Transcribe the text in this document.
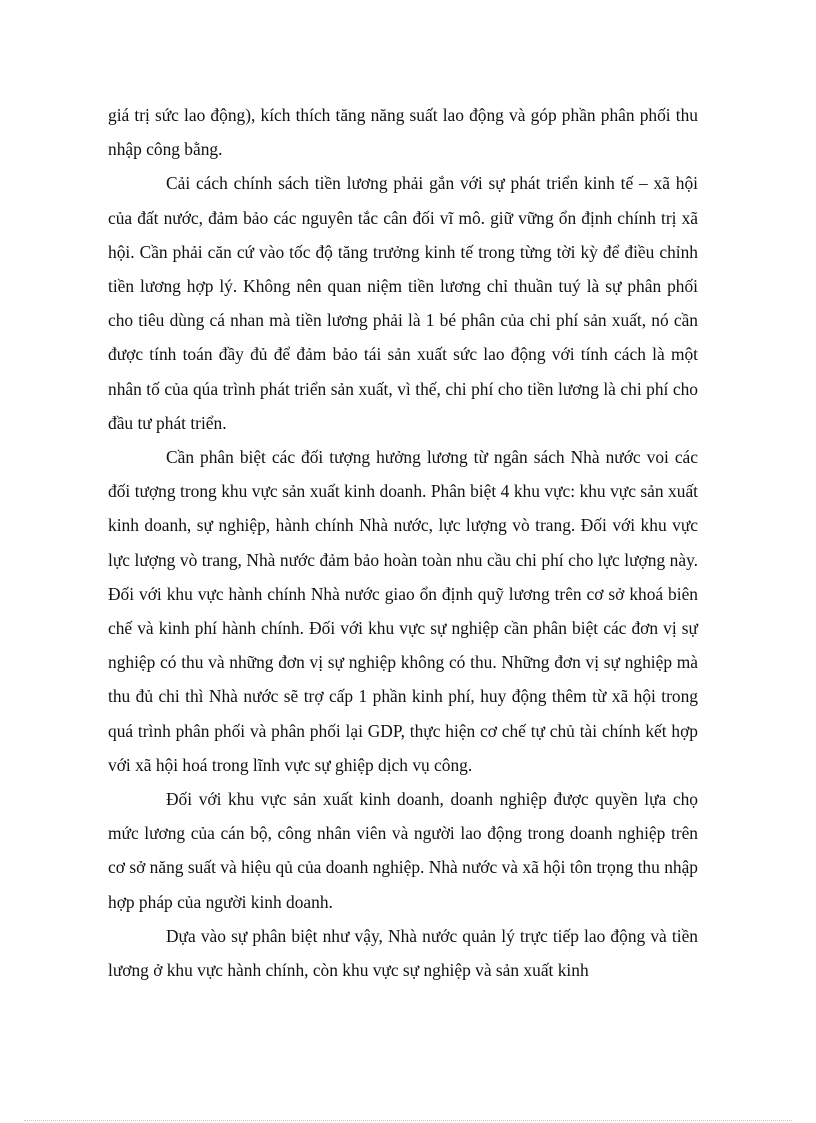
giá trị sức lao động), kích thích tăng năng suất lao động và góp phần phân phối thu nhập công bằng.

Cải cách chính sách tiền lương phải gắn với sự phát triển kinh tế – xã hội của đất nước, đảm bảo các nguyên tắc cân đối vĩ mô. giữ vững ổn định chính trị xã hội. Cần phải căn cứ vào tốc độ tăng trưởng kinh tế trong từng tời kỳ để điều chỉnh tiền lương hợp lý. Không nên quan niệm tiền lương chỉ thuần tuý là sự phân phối cho tiêu dùng cá nhan mà tiền lương phải là 1 bé phân của chi phí sản xuất, nó cần được tính toán đầy đủ để đảm bảo tái sản xuất sức lao động với tính cách là một nhân tố của qúa trình phát triển sản xuất, vì thế, chi phí cho tiền lương là chi phí cho đầu tư phát triển.

Cần phân biệt các đối tượng hưởng lương từ ngân sách Nhà nước voi các đối tượng trong khu vực sản xuất kinh doanh. Phân biệt 4 khu vực: khu vực sản xuất kinh doanh, sự nghiệp, hành chính Nhà nước, lực lượng vò trang. Đối với khu vực lực lượng vò trang, Nhà nước đảm bảo hoàn toàn nhu cầu chi phí cho lực lượng này. Đối với khu vực hành chính Nhà nước giao ổn định quỹ lương trên cơ sở khoá biên chế và kinh phí hành chính. Đối với khu vực sự nghiệp cần phân biệt các đơn vị sự nghiệp có thu và những đơn vị sự nghiệp không có thu. Những đơn vị sự nghiệp mà thu đủ chi thì Nhà nước sẽ trợ cấp 1 phần kinh phí, huy động thêm từ xã hội trong quá trình phân phối và phân phối lại GDP, thực hiện cơ chế tự chủ tài chính kết hợp với xã hội hoá trong lĩnh vực sự ghiệp dịch vụ công.

Đối với khu vực sản xuất kinh doanh, doanh nghiệp được quyền lựa chọ mức lương của cán bộ, công nhân viên và người lao động trong doanh nghiệp trên cơ sở năng suất và hiệu qủ của doanh nghiệp. Nhà nước và xã hội tôn trọng thu nhập hợp pháp của người kinh doanh.

Dựa vào sự phân biệt như vậy, Nhà nước quản lý trực tiếp lao động và tiền lương ở khu vực hành chính, còn khu vực sự nghiệp và sản xuất kinh
